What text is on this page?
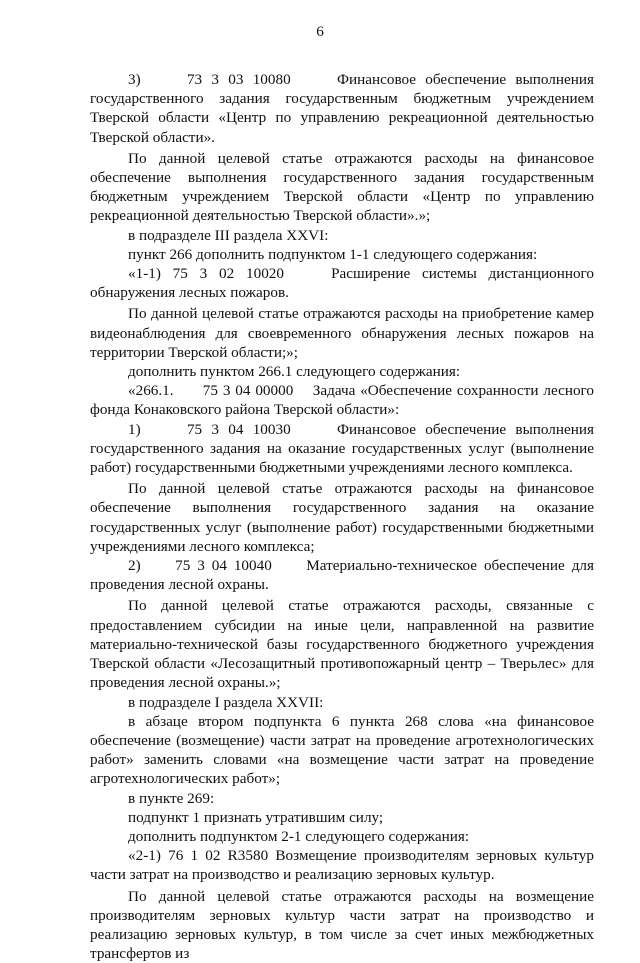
6

3)     73 3 03 10080     Финансовое обеспечение выполнения государственного задания государственным бюджетным учреждением Тверской области «Центр по управлению рекреационной деятельностью Тверской области».

По данной целевой статье отражаются расходы на финансовое обеспечение выполнения государственного задания государственным бюджетным учреждением Тверской области «Центр по управлению рекреационной деятельностью Тверской области».»;

в подразделе III раздела XXVI:

пункт 266 дополнить подпунктом 1-1 следующего содержания:

«1-1) 75 3 02 10020    Расширение системы дистанционного обнаружения лесных пожаров.

По данной целевой статье отражаются расходы на приобретение камер видеонаблюдения для своевременного обнаружения лесных пожаров на территории Тверской области;»;

дополнить пунктом 266.1 следующего содержания:

«266.1.      75 3 04 00000    Задача «Обеспечение сохранности лесного фонда Конаковского района Тверской области»:

1)     75 3 04 10030     Финансовое обеспечение выполнения государственного задания на оказание государственных услуг (выполнение работ) государственными бюджетными учреждениями лесного комплекса.

По данной целевой статье отражаются расходы на финансовое обеспечение выполнения государственного задания на оказание государственных услуг (выполнение работ) государственными бюджетными учреждениями лесного комплекса;

2)     75 3 04 10040     Материально-техническое обеспечение для проведения лесной охраны.

По данной целевой статье отражаются расходы, связанные с предоставлением субсидии на иные цели, направленной на развитие материально-технической базы государственного бюджетного учреждения Тверской области «Лесозащитный противопожарный центр – Тверьлес» для проведения лесной охраны.»;

в подразделе I раздела XXVII:

в абзаце втором подпункта 6 пункта 268 слова «на финансовое обеспечение (возмещение) части затрат на проведение агротехнологических работ» заменить словами «на возмещение части затрат на проведение агротехнологических работ»;

в пункте 269:

подпункт 1 признать утратившим силу;

дополнить подпунктом 2-1 следующего содержания:

«2-1) 76 1 02 R3580 Возмещение производителям зерновых культур части затрат на производство и реализацию зерновых культур.

По данной целевой статье отражаются расходы на возмещение производителям зерновых культур части затрат на производство и реализацию зерновых культур, в том числе за счет иных межбюджетных трансфертов из
